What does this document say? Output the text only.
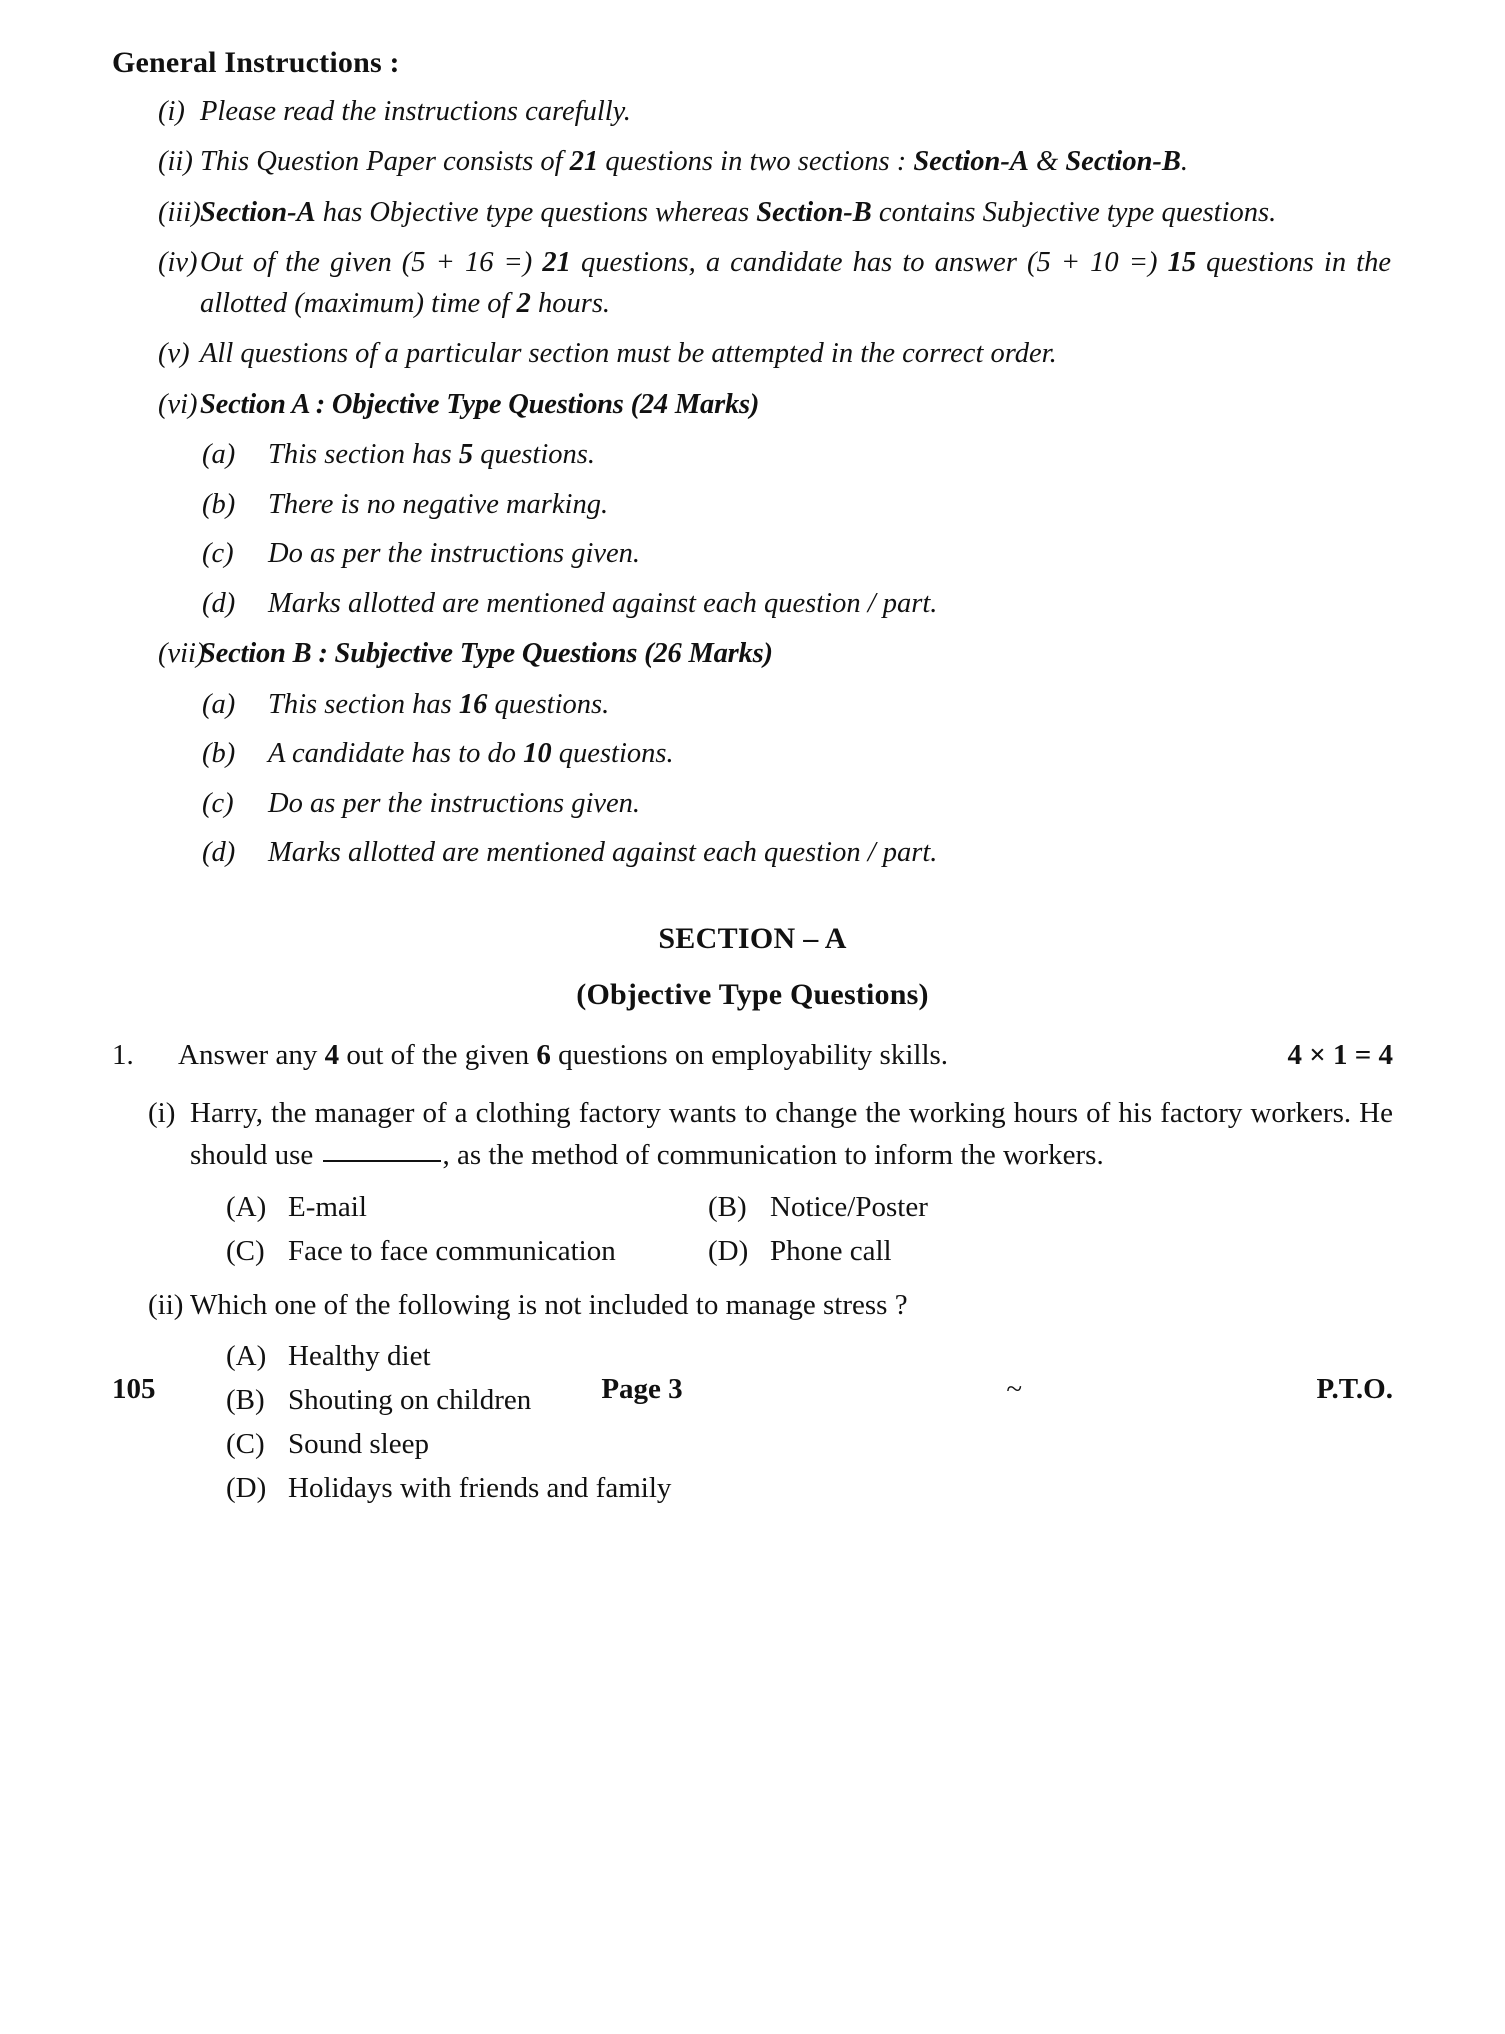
General Instructions :
(i) Please read the instructions carefully.
(ii) This Question Paper consists of 21 questions in two sections : Section-A & Section-B.
(iii) Section-A has Objective type questions whereas Section-B contains Subjective type questions.
(iv) Out of the given (5 + 16 =) 21 questions, a candidate has to answer (5 + 10 =) 15 questions in the allotted (maximum) time of 2 hours.
(v) All questions of a particular section must be attempted in the correct order.
(vi) Section A : Objective Type Questions (24 Marks)
(a)	This section has 5 questions.
(b)	There is no negative marking.
(c)	Do as per the instructions given.
(d)	Marks allotted are mentioned against each question / part.
(vii)
Section B : Subjective Type Questions (26 Marks)
(a)	This section has 16 questions.
(b)	A candidate has to do 10 questions.
(c)	Do as per the instructions given.
(d)	Marks allotted are mentioned against each question / part.
SECTION – A
(Objective Type Questions)
1.	Answer any 4 out of the given 6 questions on employability skills.	4 × 1 = 4
(i) Harry, the manager of a clothing factory wants to change the working hours of his factory workers. He should use	, as the method of communication to inform the workers.
(A) E-mail	(B) Notice/Poster
(C) Face to face communication	(D) Phone call
(ii) Which one of the following is not included to manage stress ?
(A) Healthy diet
(B) Shouting on children
(C) Sound sleep
(D) Holidays with friends and family
105	Page 3	~	P.T.O.
